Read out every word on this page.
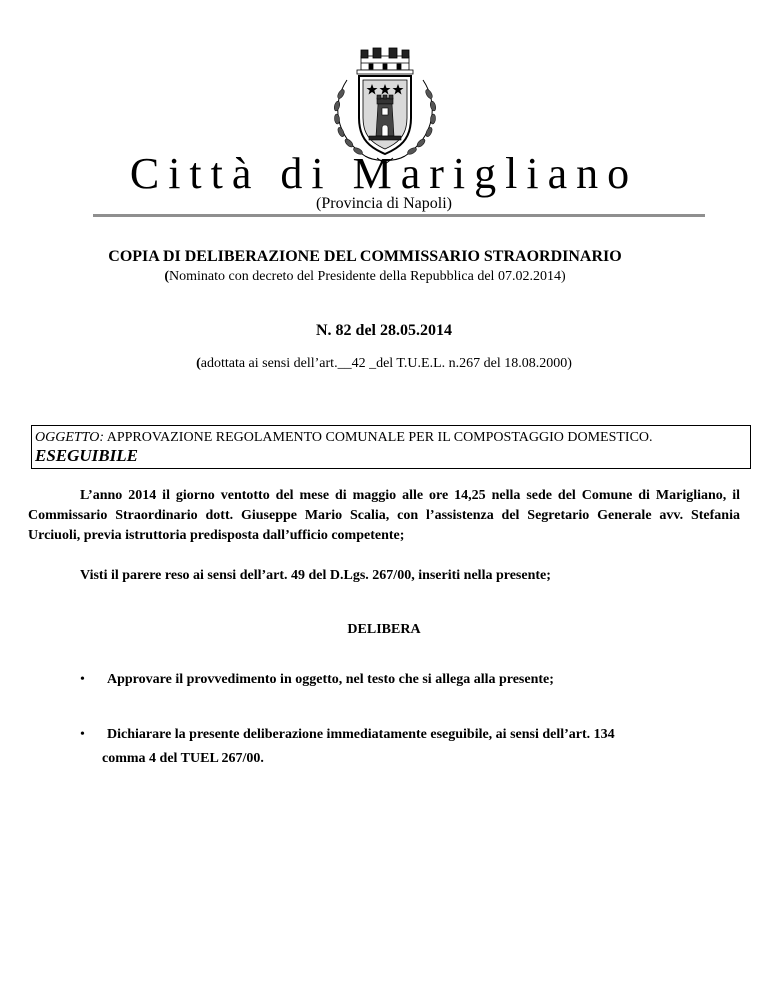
Città di Marigliano
(Provincia di Napoli)
COPIA DI DELIBERAZIONE DEL COMMISSARIO STRAORDINARIO
(Nominato con decreto del Presidente della Repubblica del 07.02.2014)
N. 82 del 28.05.2014
(adottata ai sensi dell’art.__42 _del T.U.E.L. n.267 del 18.08.2000)
OGGETTO: APPROVAZIONE REGOLAMENTO COMUNALE PER IL COMPOSTAGGIO DOMESTICO.
ESEGUIBILE
L’anno 2014 il giorno ventotto del mese di maggio alle ore 14,25 nella sede del Comune di Marigliano, il Commissario Straordinario dott. Giuseppe Mario Scalia, con l’assistenza del Segretario Generale avv. Stefania Urciuoli, previa istruttoria predisposta dall’ufficio competente;
Visti il parere reso ai sensi dell’art. 49 del D.Lgs. 267/00, inseriti nella presente;
DELIBERA
• Approvare il provvedimento in oggetto, nel testo che si allega alla presente;
• Dichiarare la presente deliberazione immediatamente eseguibile, ai sensi dell’art. 134
comma 4 del TUEL 267/00.
